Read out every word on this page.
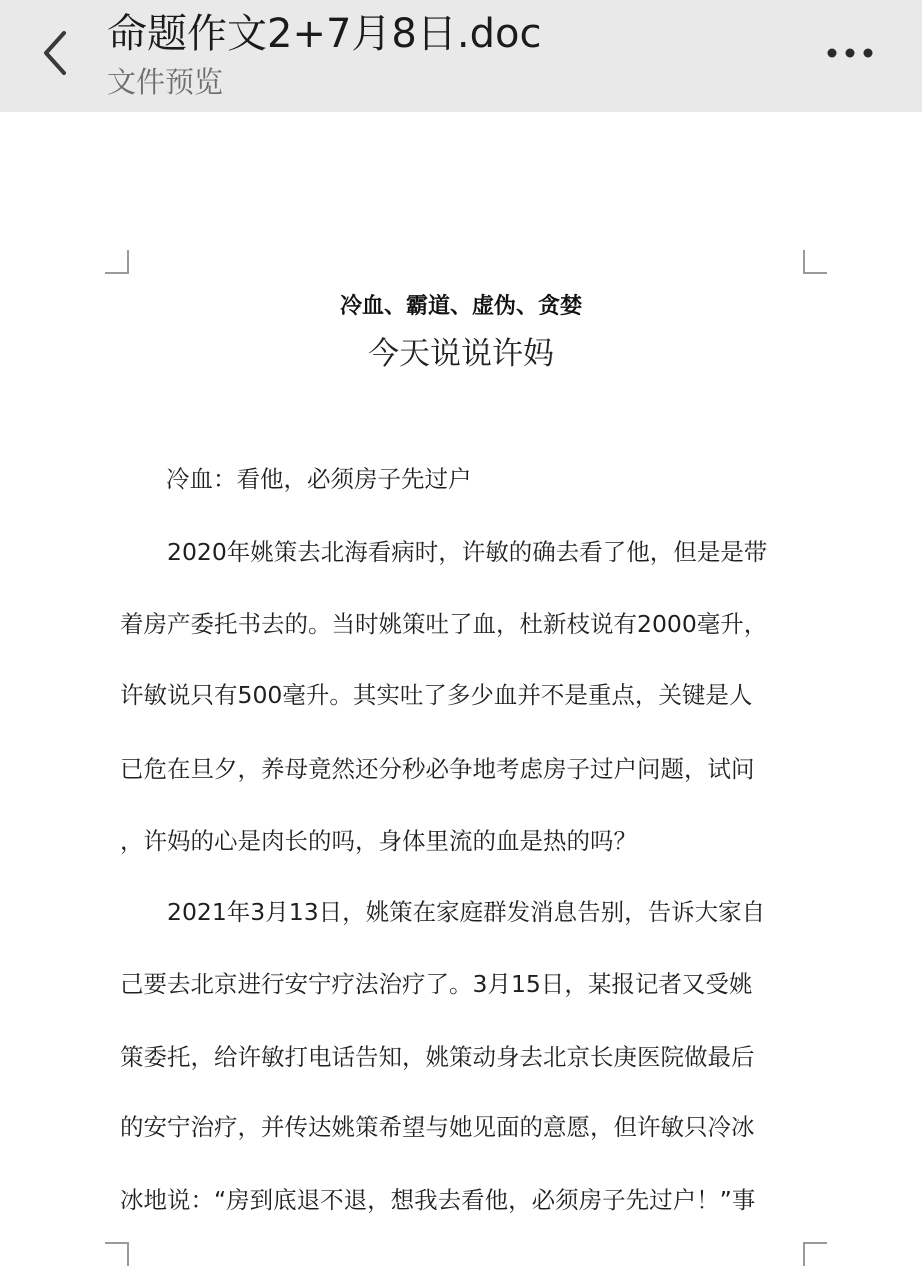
命题作文2+7月8日.doc
文件预览
冷血、霸道、虚伪、贪婪
今天说说许妈
冷血：看他，必须房子先过户
　　2020年姚策去北海看病时，许敏的确去看了他，但是是带
着房产委托书去的。当时姚策吐了血，杜新枝说有2000毫升，
许敏说只有500毫升。其实吐了多少血并不是重点，关键是人
已危在旦夕，养母竟然还分秒必争地考虑房子过户问题，试问
，许妈的心是肉长的吗，身体里流的血是热的吗？
　　2021年3月13日，姚策在家庭群发消息告别，告诉大家自
己要去北京进行安宁疗法治疗了。3月15日，某报记者又受姚
策委托，给许敏打电话告知，姚策动身去北京长庚医院做最后
的安宁治疗，并传达姚策希望与她见面的意愿，但许敏只冷冰
冰地说：“房到底退不退，想我去看他，必须房子先过户！”事
